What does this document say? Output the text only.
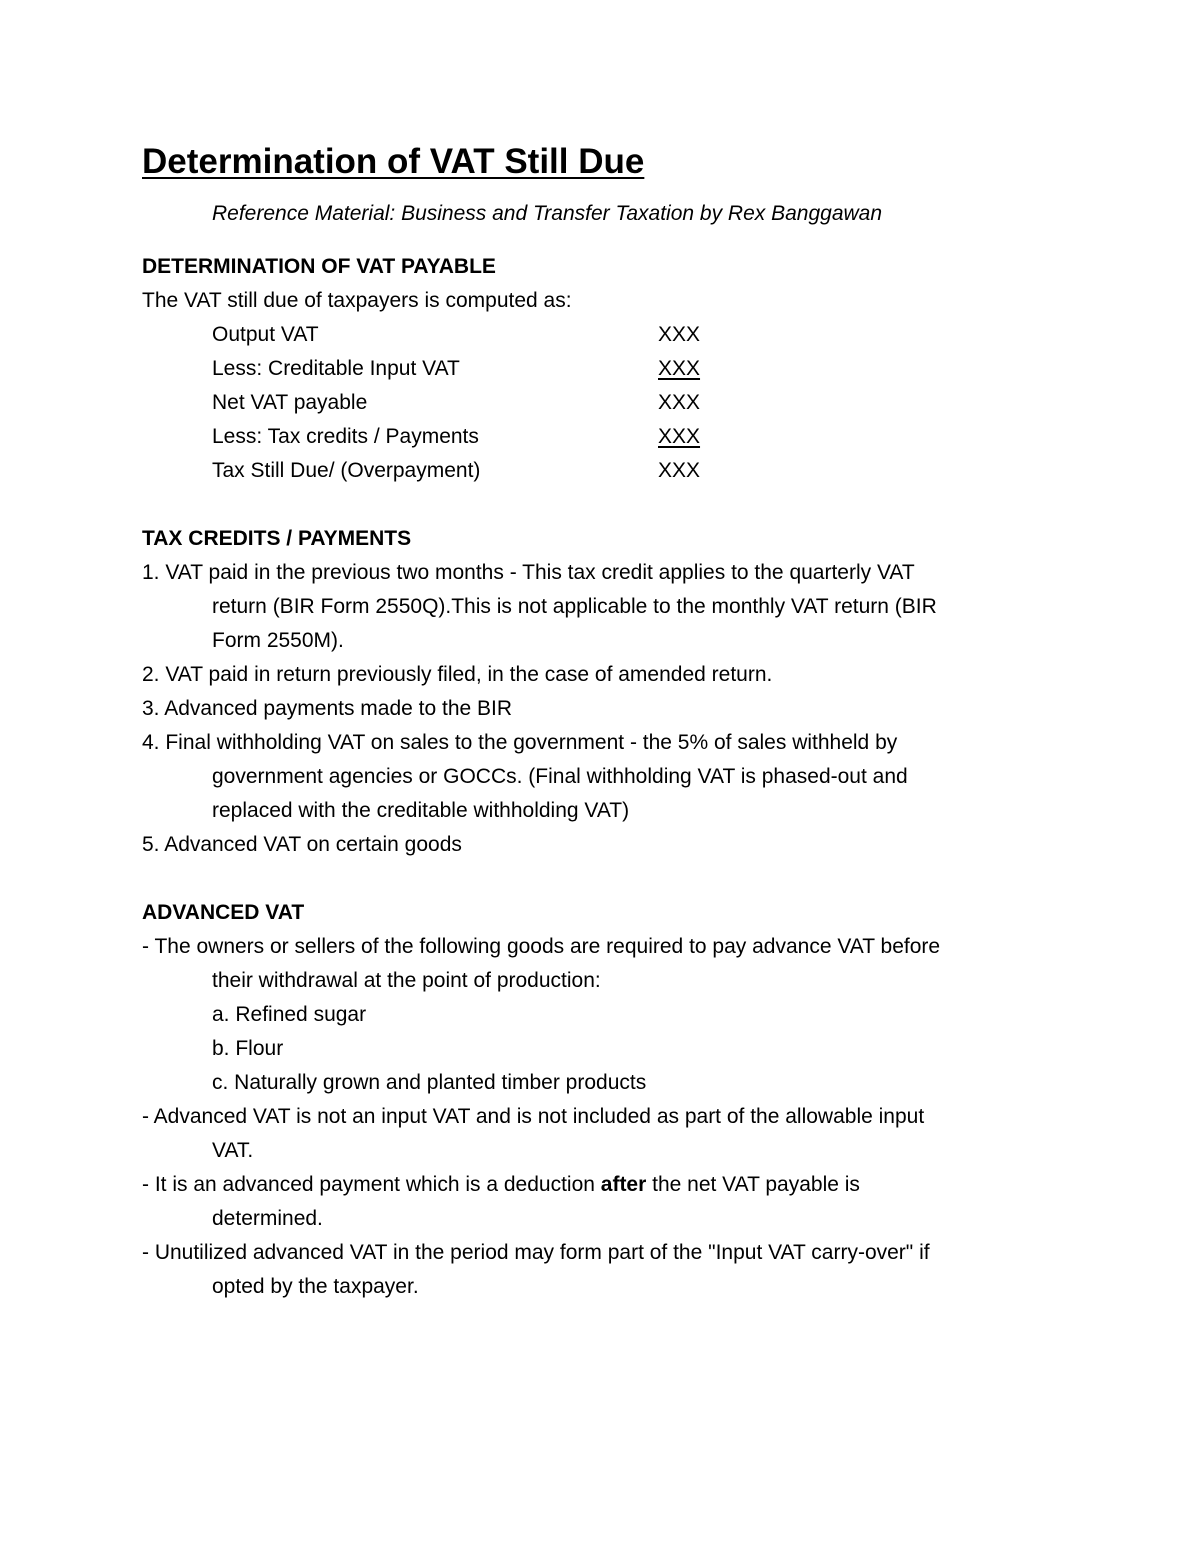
Determination of VAT Still Due
Reference Material: Business and Transfer Taxation by Rex Banggawan
DETERMINATION OF VAT PAYABLE
The VAT still due of taxpayers is computed as:
Output VAT	XXX
Less: Creditable Input VAT	XXX
Net VAT payable	XXX
Less: Tax credits / Payments	XXX
Tax Still Due/ (Overpayment)	XXX
TAX CREDITS / PAYMENTS
1. VAT paid in the previous two months - This tax credit applies to the quarterly VAT
return (BIR Form 2550Q).This is not applicable to the monthly VAT return (BIR
Form 2550M).
2. VAT paid in return previously filed, in the case of amended return.
3. Advanced payments made to the BIR
4. Final withholding VAT on sales to the government - the 5% of sales withheld by
government agencies or GOCCs. (Final withholding VAT is phased-out and
replaced with the creditable withholding VAT)
5. Advanced VAT on certain goods
ADVANCED VAT
- The owners or sellers of the following goods are required to pay advance VAT before
their withdrawal at the point of production:
a. Refined sugar
b. Flour
c. Naturally grown and planted timber products
- Advanced VAT is not an input VAT and is not included as part of the allowable input
VAT.
- It is an advanced payment which is a deduction after the net VAT payable is
determined.
- Unutilized advanced VAT in the period may form part of the "Input VAT carry-over" if
opted by the taxpayer.
